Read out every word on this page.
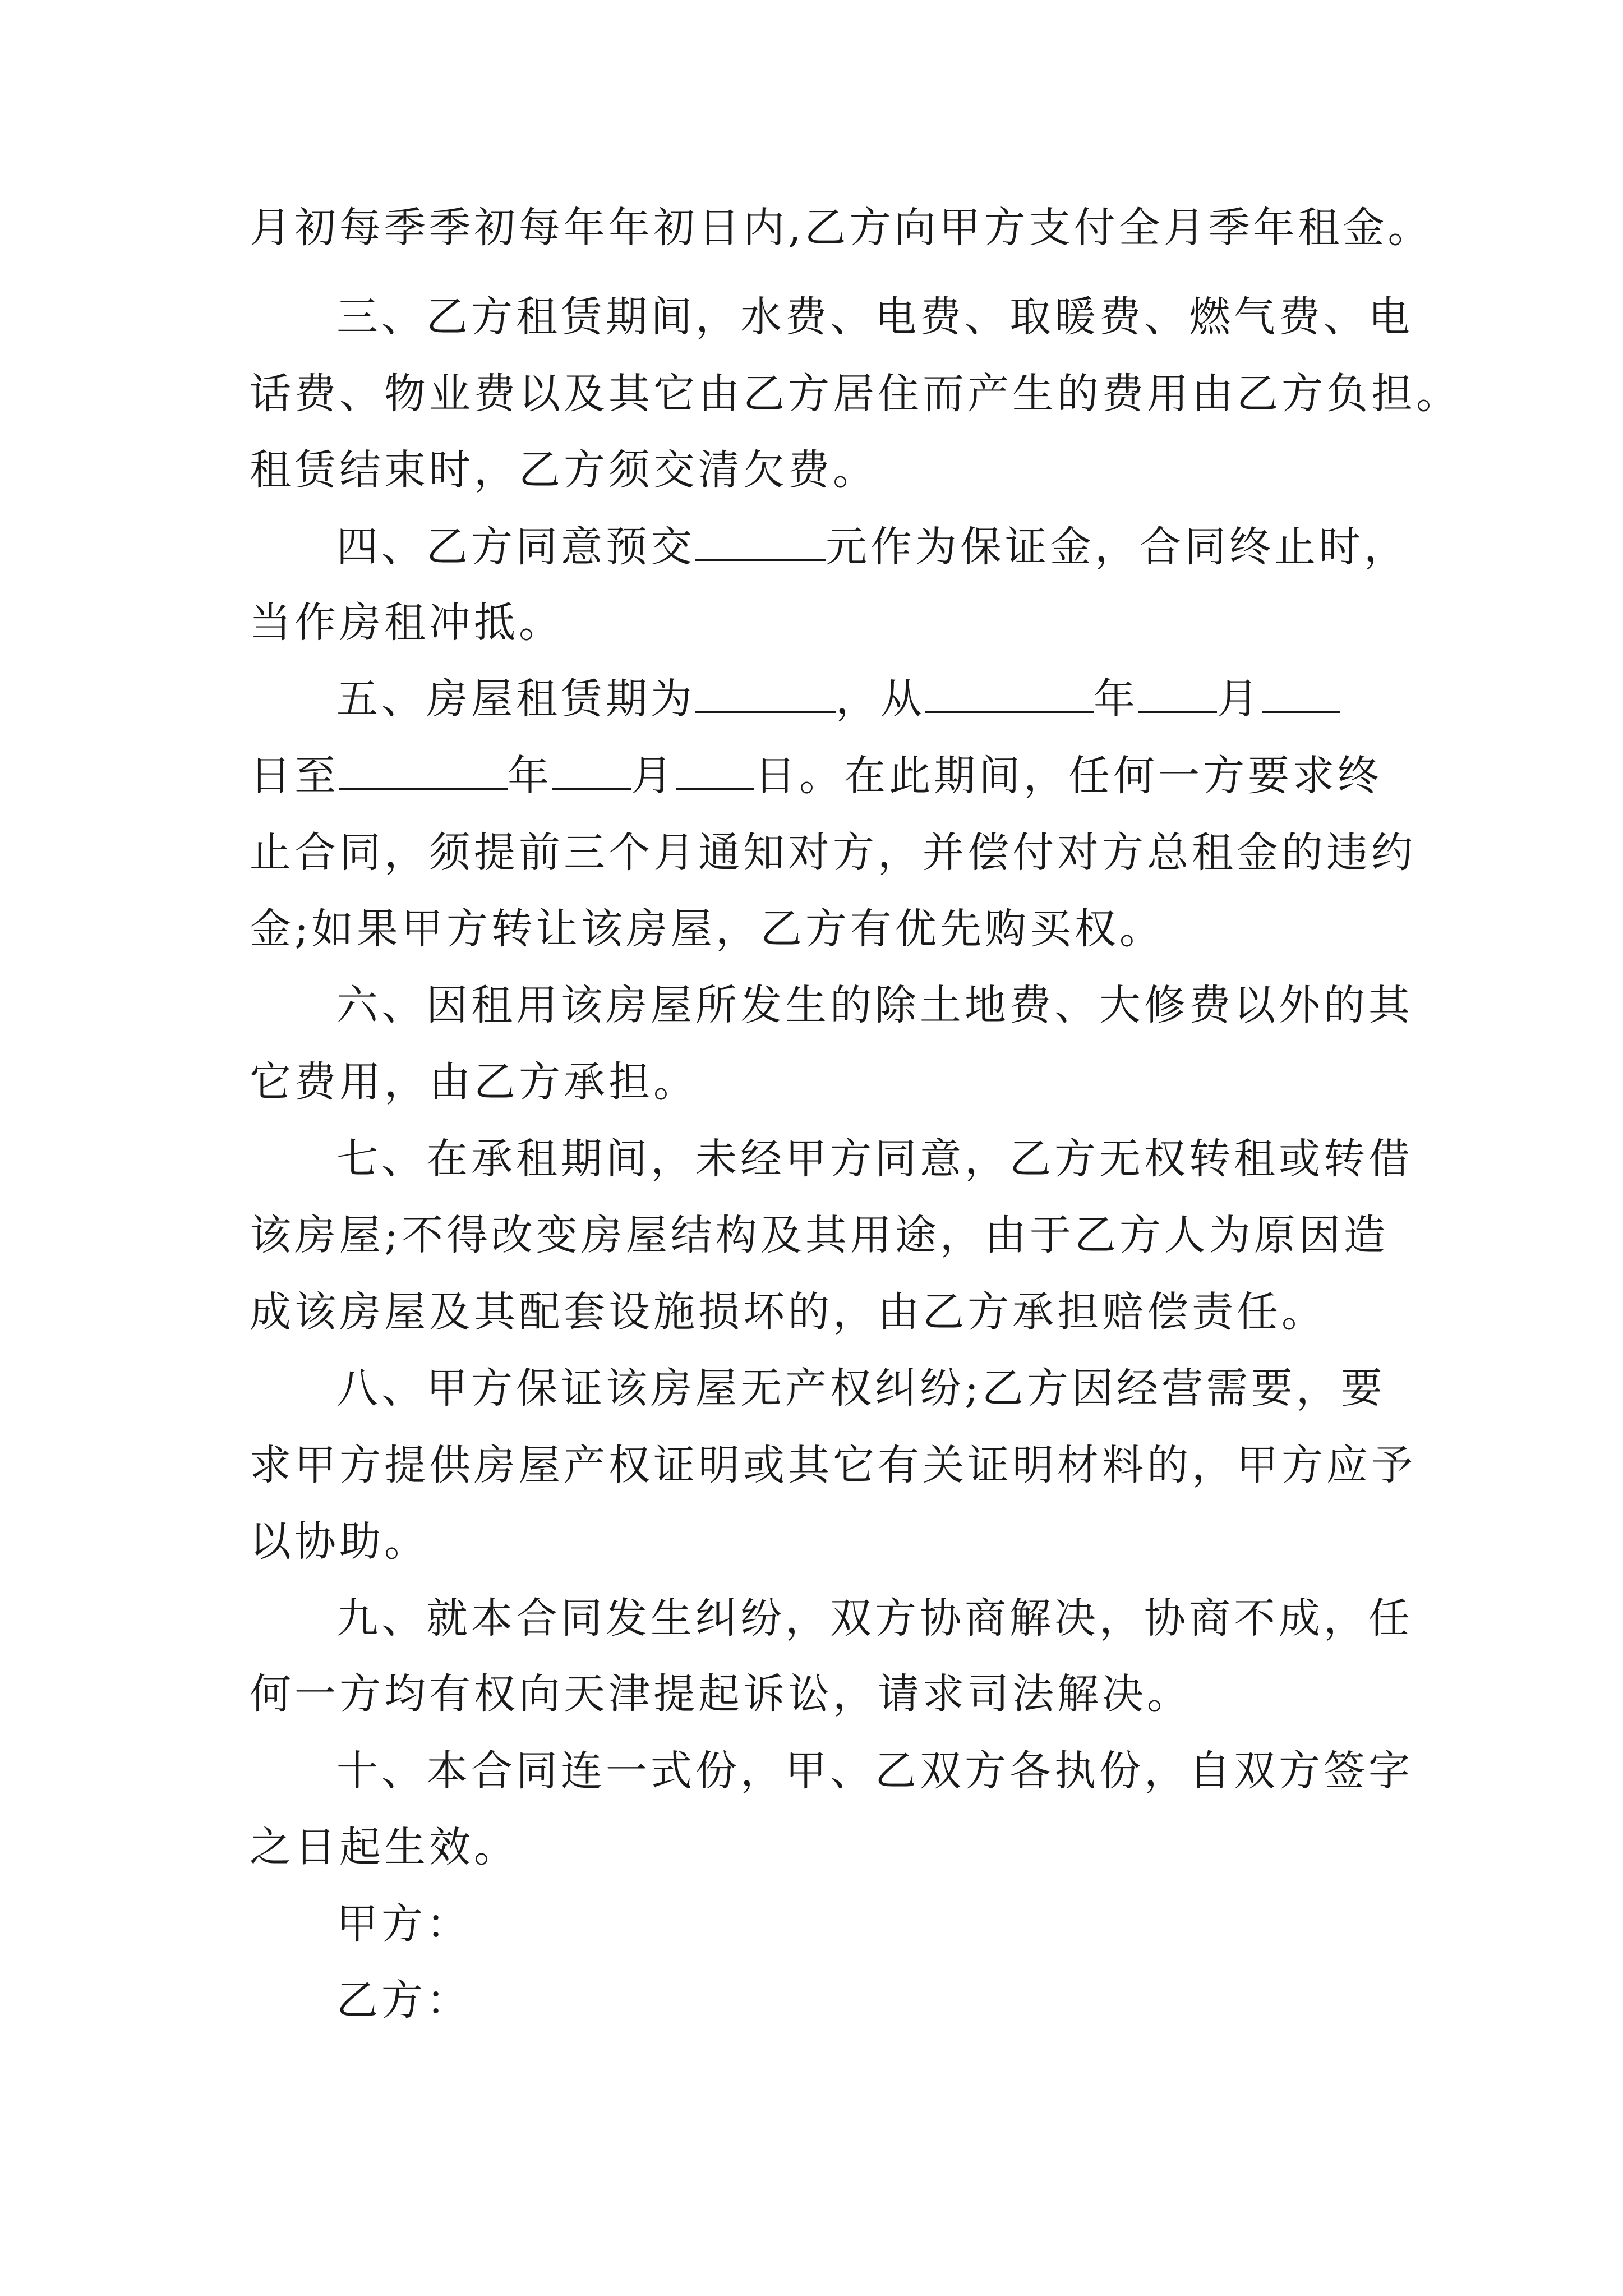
月初每季季初每年年初日内,乙方向甲方支付全月季年租金。
三、乙方租赁期间，水费、电费、取暖费、燃气费、电
话费、物业费以及其它由乙方居住而产生的费用由乙方负担。
租赁结束时，乙方须交清欠费。
四、乙方同意预交	元作为保证金，合同终止时，
当作房租冲抵。
五、房屋租赁期为	，从	年 月
日至	年 月 日。在此期间，任何一方要求终
止合同，须提前三个月通知对方，并偿付对方总租金的违约
金;如果甲方转让该房屋，乙方有优先购买权。
六、因租用该房屋所发生的除土地费、大修费以外的其
它费用，由乙方承担。
七、在承租期间，未经甲方同意，乙方无权转租或转借
该房屋;不得改变房屋结构及其用途，由于乙方人为原因造
成该房屋及其配套设施损坏的，由乙方承担赔偿责任。
八、甲方保证该房屋无产权纠纷;乙方因经营需要，要
求甲方提供房屋产权证明或其它有关证明材料的，甲方应予
以协助。
九、就本合同发生纠纷，双方协商解决，协商不成，任
何一方均有权向天津提起诉讼，请求司法解决。
十、本合同连一式份，甲、乙双方各执份，自双方签字
之日起生效。
甲方：
乙方：
